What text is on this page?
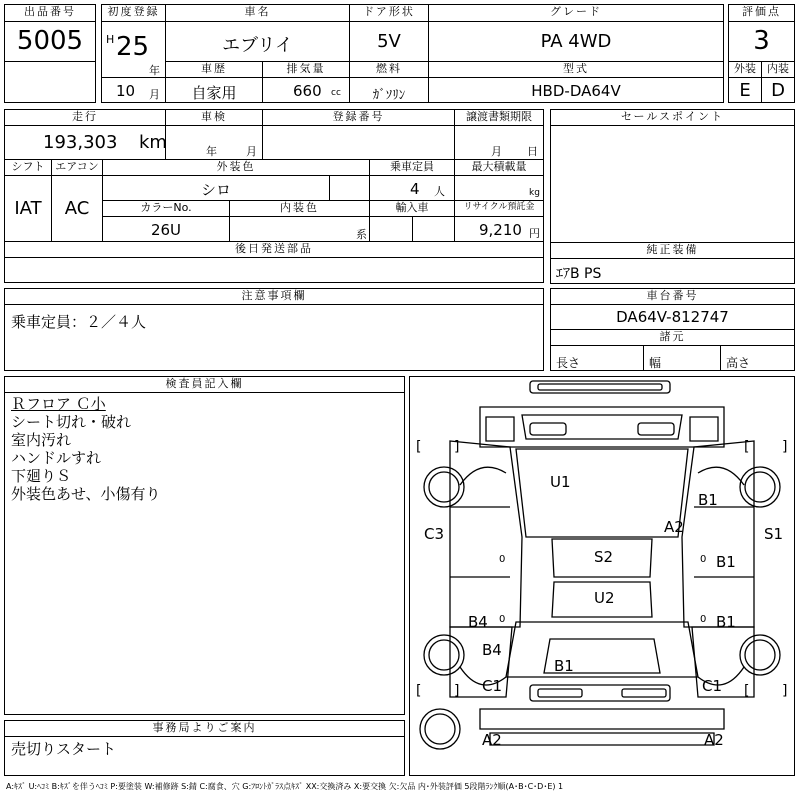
出品番号
5005
初度登録
H 25
年
10 月
車名
エブリイ
ドア形状
5V
グレード
PA 4WD
評価点
3
車歴
自家用
排気量
660 cc
燃料
ｶﾞｿﾘﾝ
型式
HBD-DA64V
外装
E
内装
D
走行
193,303 km
車検
年	月
登録番号	譲渡書類期限
月 日
セールスポイント
シフト
IAT
エアコン
AC
外装色
シロ
乗車定員
4 人
最大積載量
kg
カラーNo.
26U
内装色
系
輸入車	リサイクル預託金
9,210 円
後日発送部品	純正装備
ｴｱB PS
注意事項欄
乗車定員：２／４人
車台番号
DA64V-812747
諸元
長さ	幅	高さ
検査員記入欄
Ｒフロア Ｃ小
シート切れ・破れ
室内汚れ
ハンドルすれ
下廻りＳ
外装色あせ、小傷有り
事務局よりご案内
売切りスタート
[ ]	[ ]
[ ]	[ ]
0	0
0	0
U1
B1
A2
C3	S1
S2	B1
U2
B4	B1
B4
B1
C1	C1
A2	A2
A:ｷｽﾞ U:ﾍｺﾐ B:ｷｽﾞを伴うﾍｺﾐ P:要塗装 W:補修跡 S:錆 C:腐食、穴 G:ﾌﾛﾝﾄｶﾞﾗｽ点ｷｽﾞ XX:交換済み X:要交換 欠:欠品 内･外装評価 5段階ﾗﾝｸ順(A･B･C･D･E) 1
